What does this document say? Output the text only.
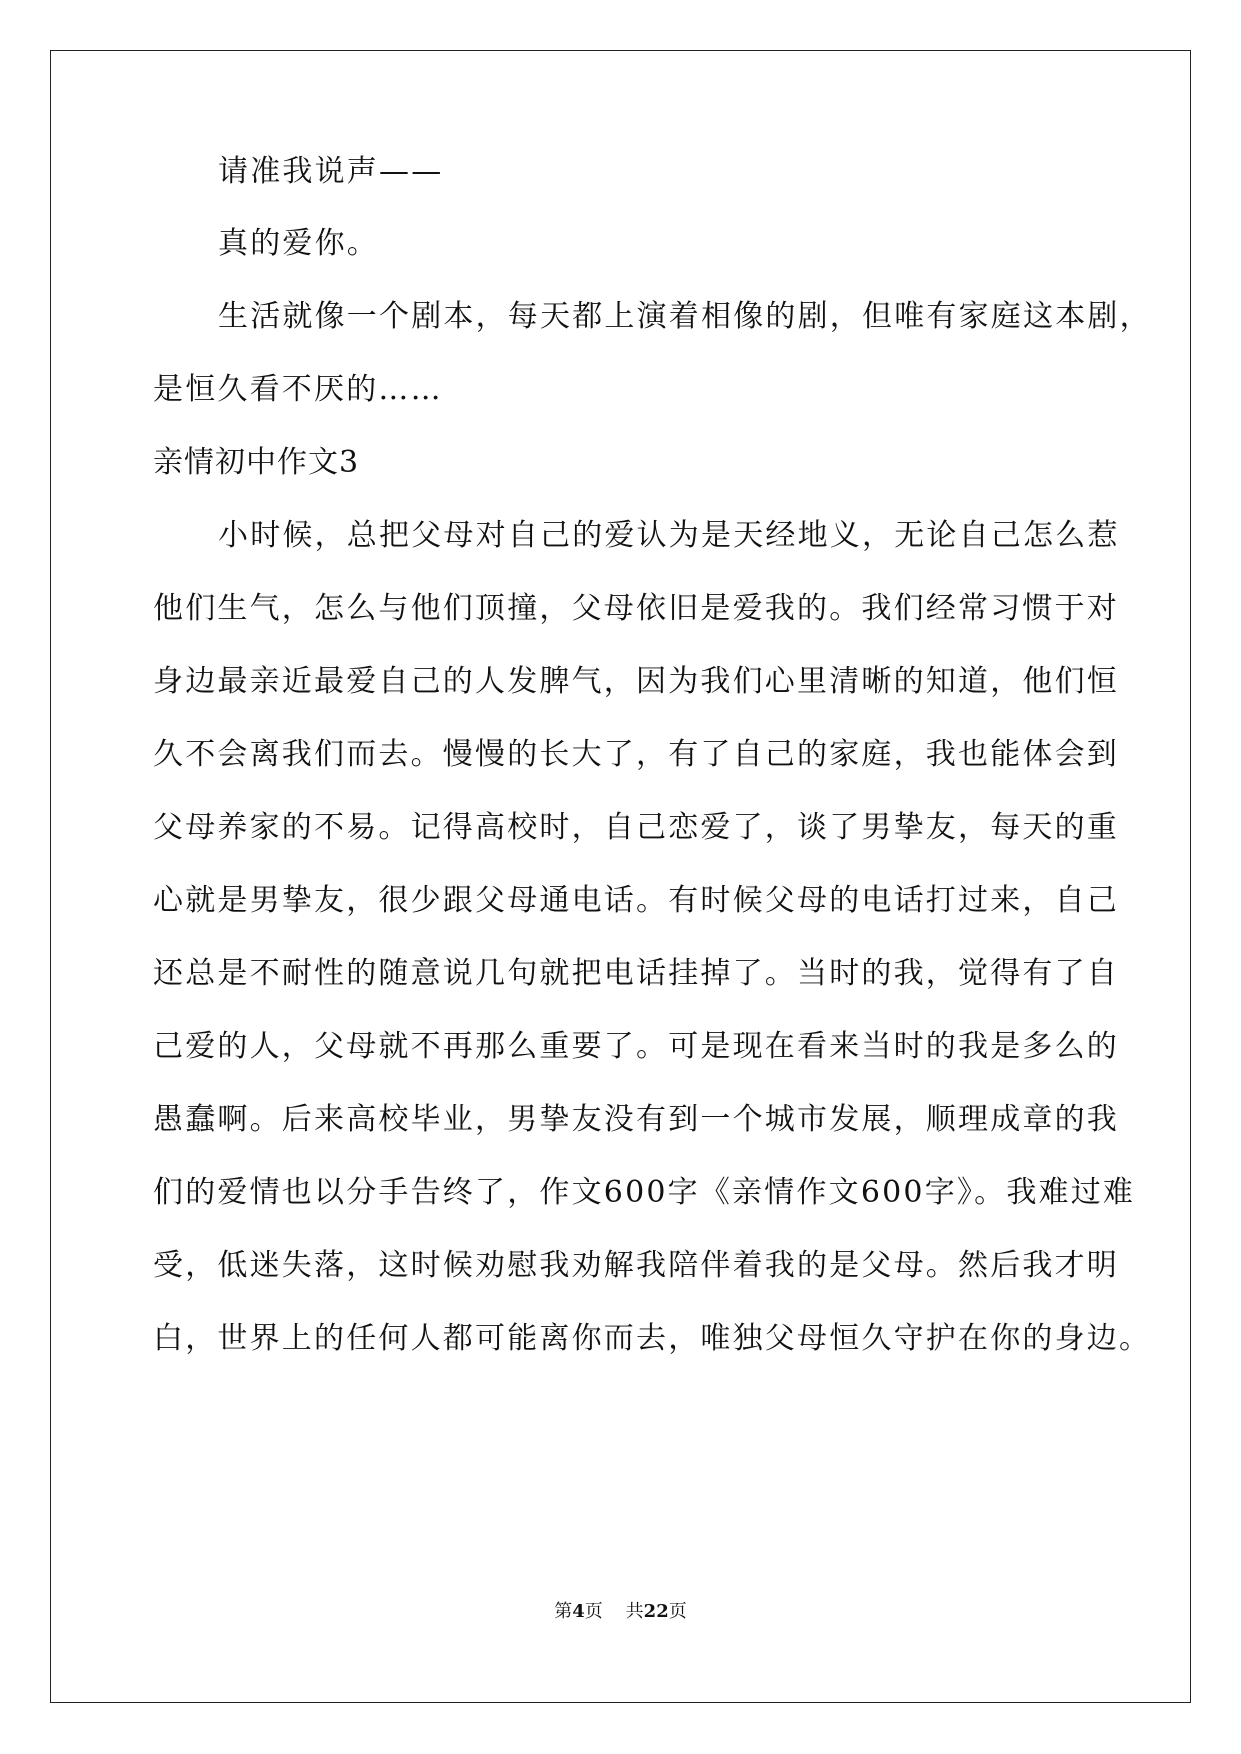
请准我说声——
真的爱你。
生活就像一个剧本，每天都上演着相像的剧，但唯有家庭这本剧，
是恒久看不厌的……
亲情初中作文3
小时候，总把父母对自己的爱认为是天经地义，无论自己怎么惹
他们生气，怎么与他们顶撞，父母依旧是爱我的。我们经常习惯于对
身边最亲近最爱自己的人发脾气，因为我们心里清晰的知道，他们恒
久不会离我们而去。慢慢的长大了，有了自己的家庭，我也能体会到
父母养家的不易。记得高校时，自己恋爱了，谈了男挚友，每天的重
心就是男挚友，很少跟父母通电话。有时候父母的电话打过来，自己
还总是不耐性的随意说几句就把电话挂掉了。当时的我，觉得有了自
己爱的人，父母就不再那么重要了。可是现在看来当时的我是多么的
愚蠢啊。后来高校毕业，男挚友没有到一个城市发展，顺理成章的我
们的爱情也以分手告终了，作文600字《亲情作文600字》。我难过难
受，低迷失落，这时候劝慰我劝解我陪伴着我的是父母。然后我才明
白，世界上的任何人都可能离你而去，唯独父母恒久守护在你的身边。
第4页    共22页
